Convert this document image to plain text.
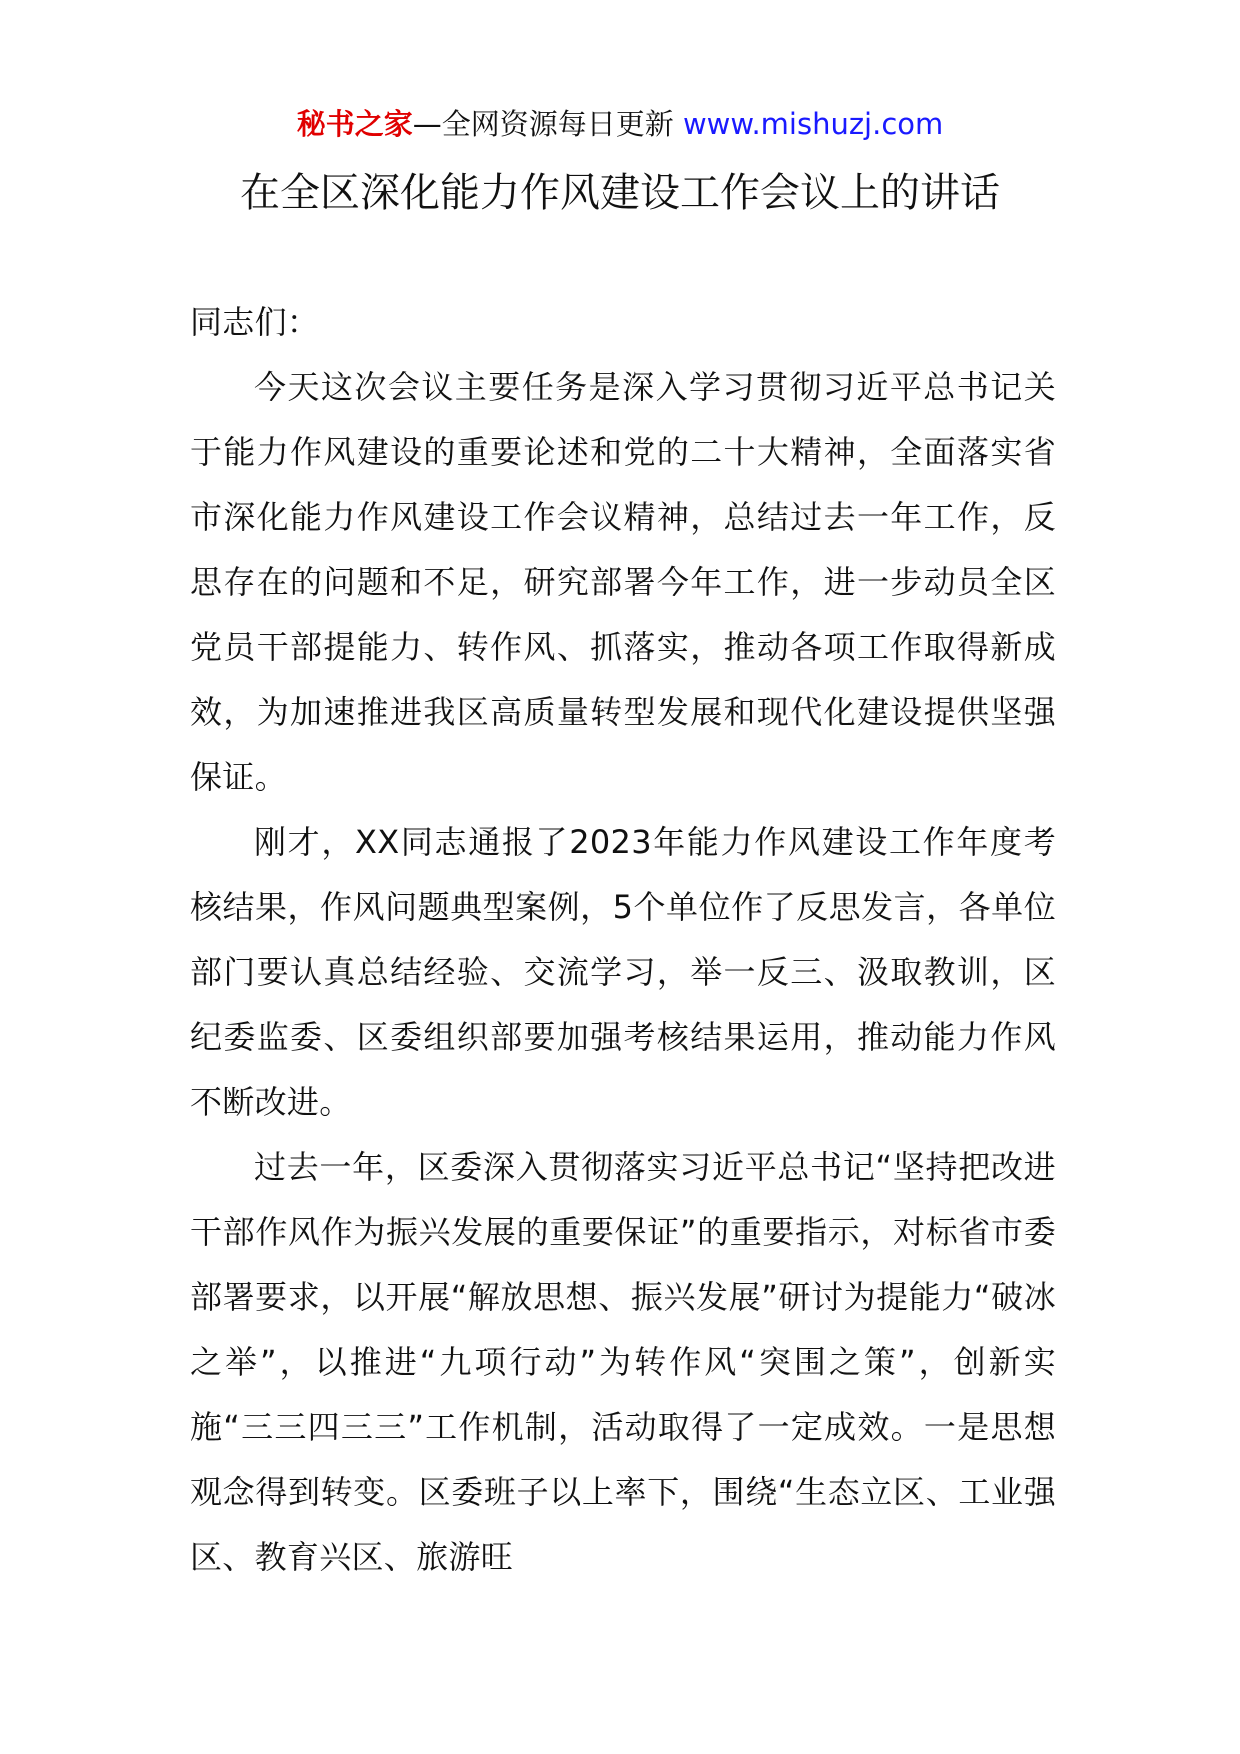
秘书之家—全网资源每日更新 www.mishuzj.com
在全区深化能力作风建设工作会议上的讲话

同志们：

今天这次会议主要任务是深入学习贯彻习近平总书记关于能力作风建设的重要论述和党的二十大精神，全面落实省市深化能力作风建设工作会议精神，总结过去一年工作，反思存在的问题和不足，研究部署今年工作，进一步动员全区党员干部提能力、转作风、抓落实，推动各项工作取得新成效，为加速推进我区高质量转型发展和现代化建设提供坚强保证。

刚才，XX同志通报了2023年能力作风建设工作年度考核结果，作风问题典型案例，5个单位作了反思发言，各单位部门要认真总结经验、交流学习，举一反三、汲取教训，区纪委监委、区委组织部要加强考核结果运用，推动能力作风不断改进。

过去一年，区委深入贯彻落实习近平总书记“坚持把改进干部作风作为振兴发展的重要保证”的重要指示，对标省市委部署要求，以开展“解放思想、振兴发展”研讨为提能力“破冰之举”，以推进“九项行动”为转作风“突围之策”，创新实施“三三四三三”工作机制，活动取得了一定成效。一是思想观念得到转变。区委班子以上率下，围绕“生态立区、工业强区、教育兴区、旅游旺
